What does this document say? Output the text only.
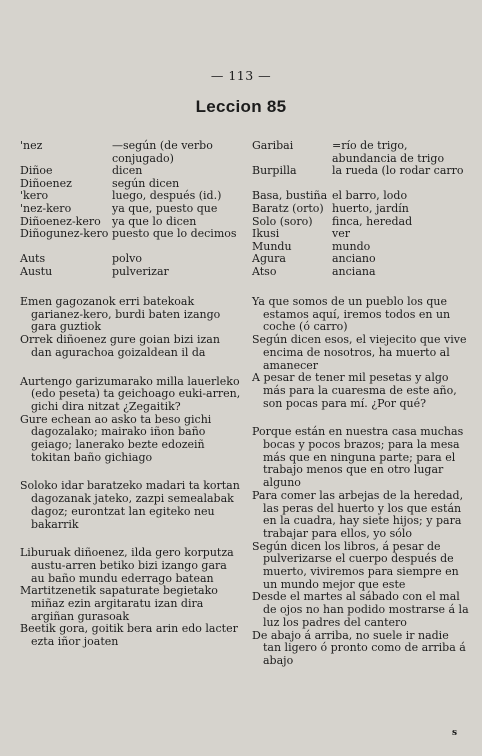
— 113 —
Leccion 85
'nez	—según (de verbo conjugado)
Diñoe	dicen
Diñoenez	según dicen
'kero	luego, después (id.)
'nez-kero	ya que, puesto que
Diñoenez-kero ya que lo dicen
Diñogunez-kero puesto que lo decimos
Auts	polvo
Austu	pulverizar
Garibai	=río de trigo, abundancia de trigo
Burpilla	la rueda (lo rodar carro
Basa, bustiña el barro, lodo
Baratz (orto) huerto, jardín
Solo (soro) finca, heredad
Ikusi	ver
Mundu	mundo
Agura	anciano
Atso	anciana

Emen gagozanok erri batekoak garianez-kero, burdi baten izango gara guztiok

Orrek diñoenez gure goian bizi izan dan agurachoa goizaldean il da

Aurtengo garizumarako milla lauerleko (edo peseta) ta geichoago euki-arren, gichi dira nitzat ¿Zegaitik?

Gure echean ao asko ta beso gichi dagozalako; mairako iñon baño geiago; lanerako bezte edozeiñ tokitan baño gichiago

Soloko idar baratzeko madari ta kortan dagozanak jateko, zazpi semealabak dagoz; eurontzat lan egiteko neu bakarrik

Liburuak diñoenez, ilda gero korputza austu-arren betiko bizi izango gara au baño mundu ederrago batean

Martitzenetik sapaturate begietako miñaz ezin argitaratu izan dira argiñan gurasoak

Beetik gora, goitik bera arin edo lacter ezta iñor joaten

Ya que somos de un pueblo los que estamos aquí, iremos todos en un coche (ó carro)

Según dicen esos, el viejecito que vive encima de nosotros, ha muerto al amanecer

A pesar de tener mil pesetas y algo más para la cuaresma de este año, son pocas para mí. ¿Por qué?

Porque están en nuestra casa muchas bocas y pocos brazos; para la mesa más que en ninguna parte; para el trabajo menos que en otro lugar alguno

Para comer las arbejas de la heredad, las peras del huerto y los que están en la cuadra, hay siete hijos; y para trabajar para ellos, yo sólo

Según dicen los libros, á pesar de pulverizarse el cuerpo después de muerto, viviremos para siempre en un mundo mejor que este

Desde el martes al sábado con el mal de ojos no han podido mostrarse á la luz los padres del cantero

De abajo á arriba, no suele ir nadie tan ligero ó pronto como de arriba á abajo

s
